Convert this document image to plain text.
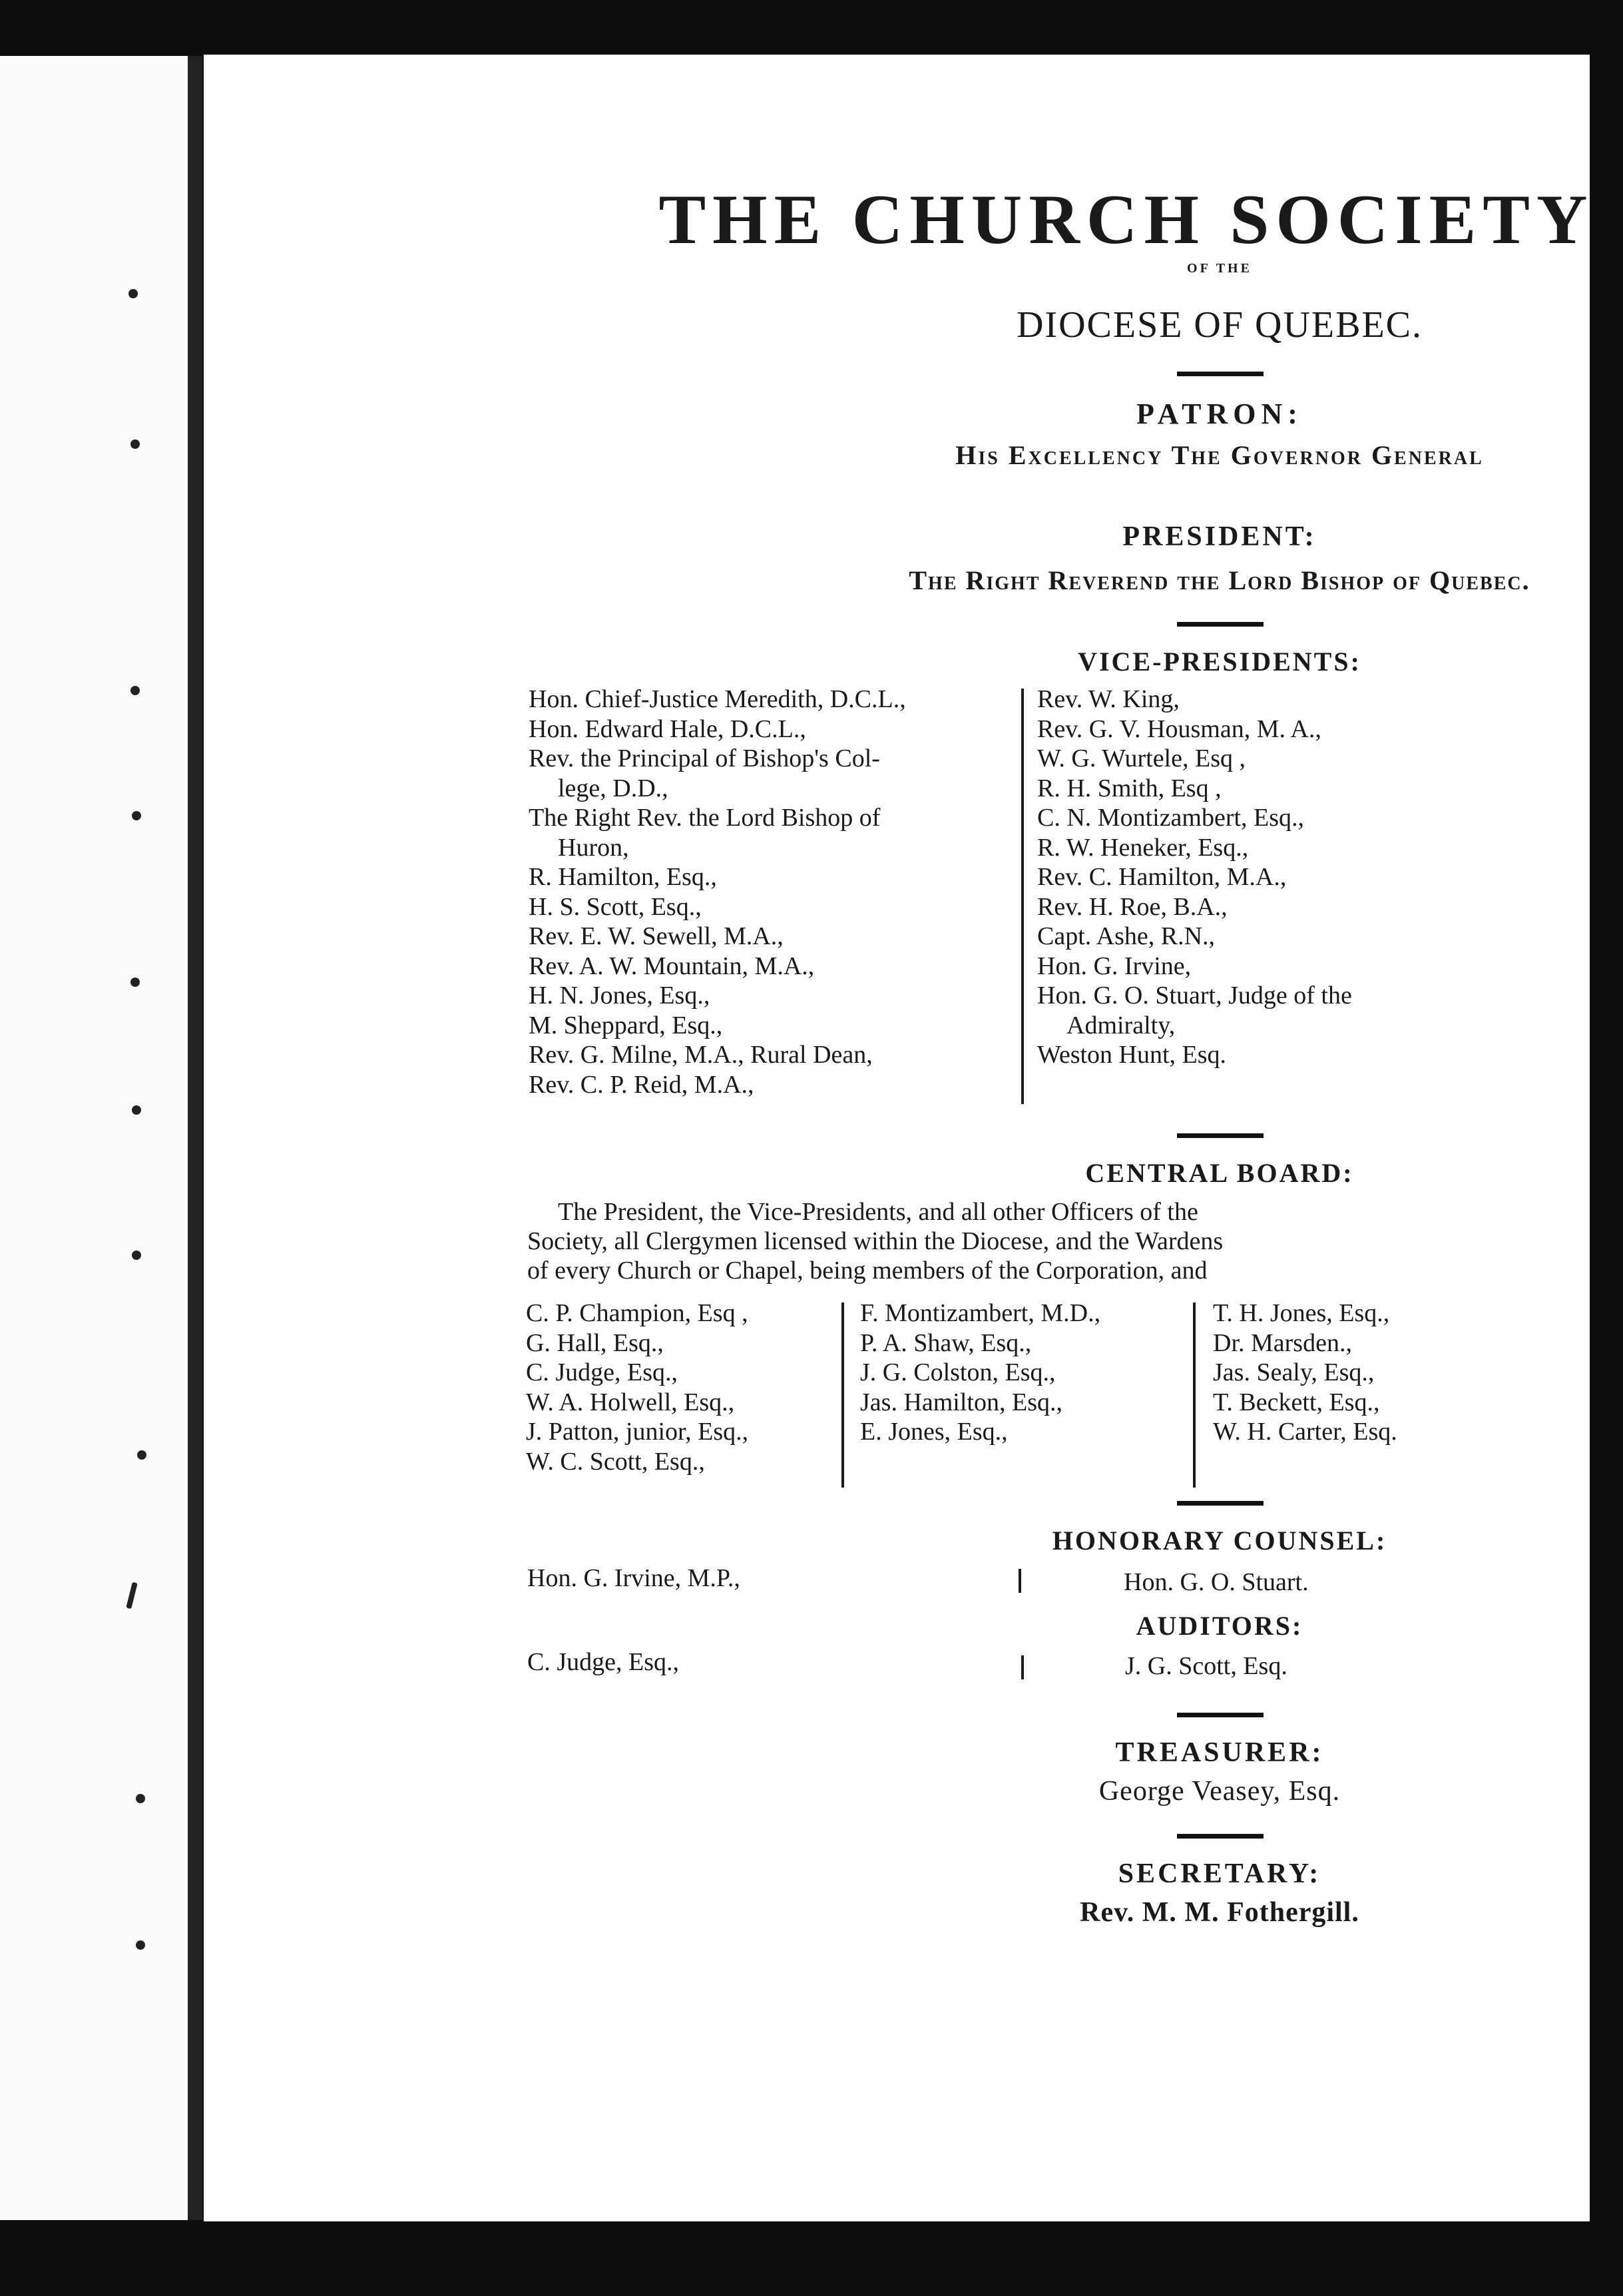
THE CHURCH SOCIETY
OF THE
DIOCESE OF QUEBEC.
PATRON:
His Excellency The Governor General
PRESIDENT:
The Right Reverend the Lord Bishop of Quebec.
VICE-PRESIDENTS:
Hon. Chief-Justice Meredith, D.C.L.,
Hon. Edward Hale, D.C.L.,
Rev. the Principal of Bishop's Col-
lege, D.D.,
The Right Rev. the Lord Bishop of
Huron,
R. Hamilton, Esq.,
H. S. Scott, Esq.,
Rev. E. W. Sewell, M.A.,
Rev. A. W. Mountain, M.A.,
H. N. Jones, Esq.,
M. Sheppard, Esq.,
Rev. G. Milne, M.A., Rural Dean,
Rev. C. P. Reid, M.A.,
Rev. W. King,
Rev. G. V. Housman, M. A.,
W. G. Wurtele, Esq ,
R. H. Smith, Esq ,
C. N. Montizambert, Esq.,
R. W. Heneker, Esq.,
Rev. C. Hamilton, M.A.,
Rev. H. Roe, B.A.,
Capt. Ashe, R.N.,
Hon. G. Irvine,
Hon. G. O. Stuart, Judge of the
Admiralty,
Weston Hunt, Esq.
CENTRAL BOARD:
The President, the Vice-Presidents, and all other Officers of the
Society, all Clergymen licensed within the Diocese, and the Wardens
of every Church or Chapel, being members of the Corporation, and
C. P. Champion, Esq ,
G. Hall, Esq.,
C. Judge, Esq.,
W. A. Holwell, Esq.,
J. Patton, junior, Esq.,
W. C. Scott, Esq.,
F. Montizambert, M.D.,
P. A. Shaw, Esq.,
J. G. Colston, Esq.,
Jas. Hamilton, Esq.,
E. Jones, Esq.,
T. H. Jones, Esq.,
Dr. Marsden.,
Jas. Sealy, Esq.,
T. Beckett, Esq.,
W. H. Carter, Esq.
HONORARY COUNSEL:
Hon. G. Irvine, M.P.,	Hon. G. O. Stuart.
AUDITORS:
C. Judge, Esq.,	J. G. Scott, Esq.
TREASURER:
George Veasey, Esq.
SECRETARY:
Rev. M. M. Fothergill.
